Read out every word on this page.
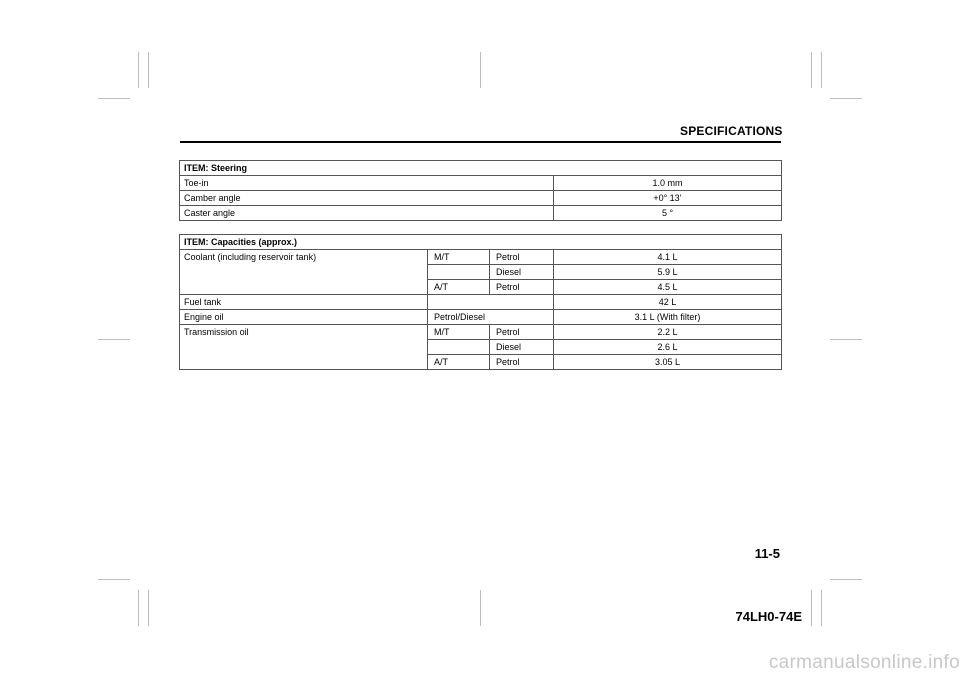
SPECIFICATIONS
ITEM: Steering	
Toe-in	1.0 mm
Camber angle	+0° 13’
Caster angle	5 °
ITEM: Capacities (approx.)			
Coolant (including reservoir tank)	M/T	Petrol	4.1 L
		Diesel	5.9 L
	A/T	Petrol	4.5 L
Fuel tank			42 L
Engine oil	Petrol/Diesel		3.1 L (With filter)
Transmission oil	M/T	Petrol	2.2 L
		Diesel	2.6 L
	A/T	Petrol	3.05 L
11-5
74LH0-74E
carmanualsonline.info
